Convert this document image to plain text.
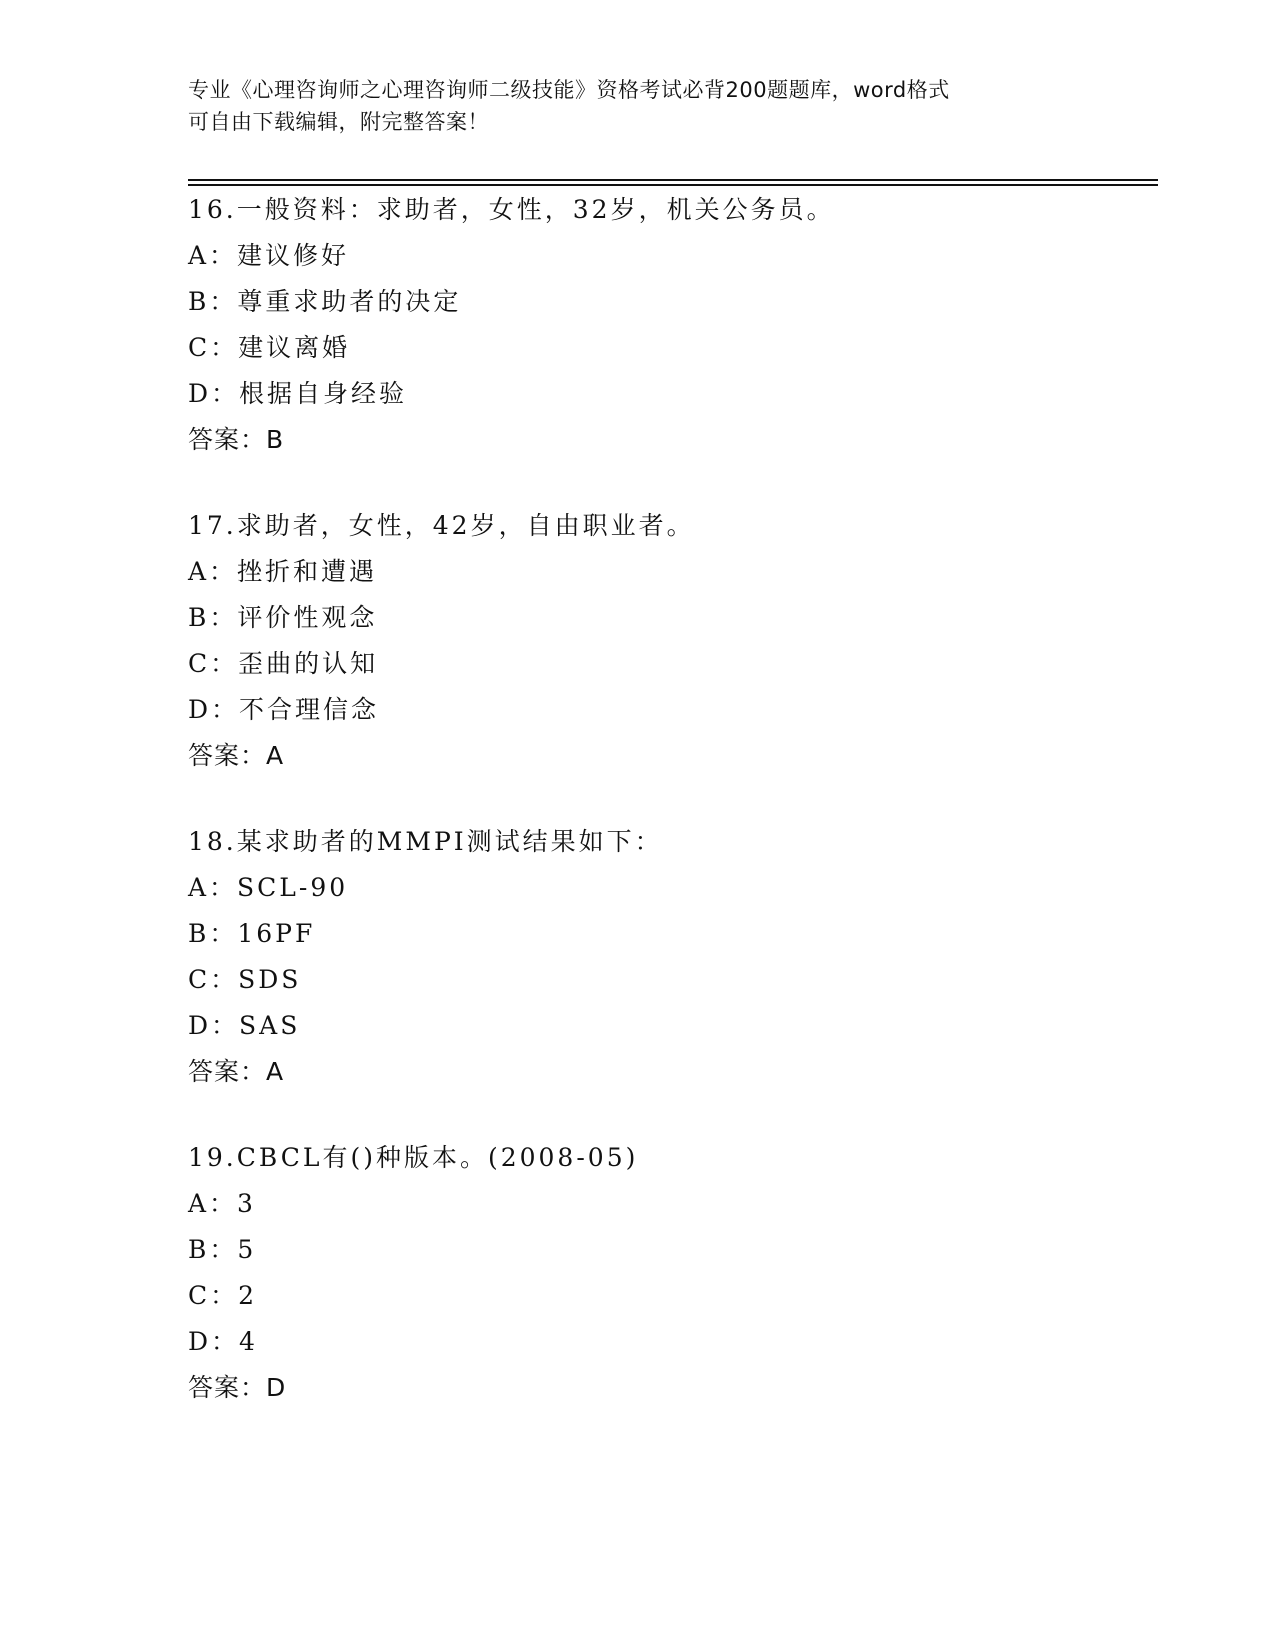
专业《心理咨询师之心理咨询师二级技能》资格考试必背200题题库，word格式
可自由下载编辑，附完整答案！
16.一般资料：求助者，女性，32岁，机关公务员。
A：建议修好
B：尊重求助者的决定
C：建议离婚
D：根据自身经验
答案：B
17.求助者，女性，42岁，自由职业者。
A：挫折和遭遇
B：评价性观念
C：歪曲的认知
D：不合理信念
答案：A
18.某求助者的MMPI测试结果如下：
A：SCL-90
B：16PF
C：SDS
D：SAS
答案：A
19.CBCL有()种版本。(2008-05)
A：3
B：5
C：2
D：4
答案：D
